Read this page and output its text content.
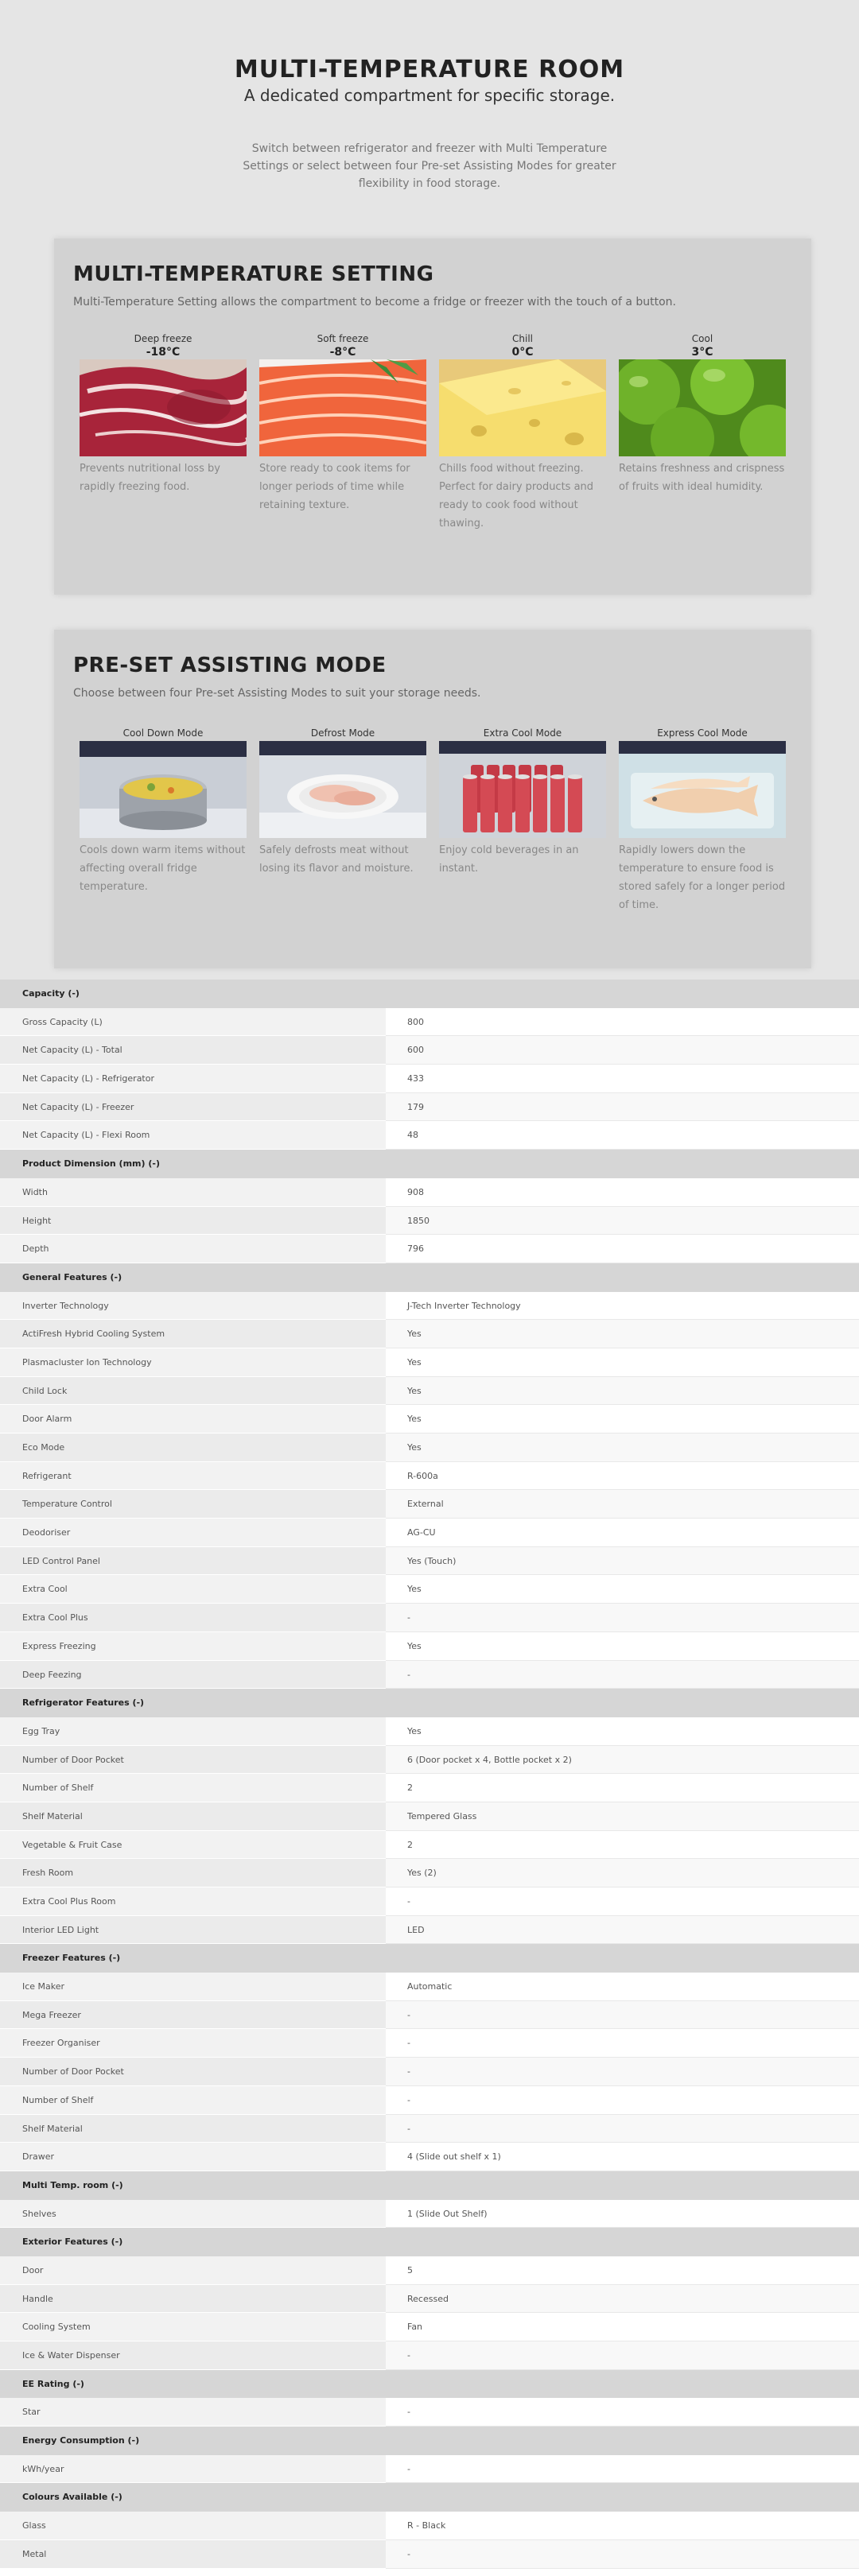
MULTI-TEMPERATURE ROOM
A dedicated compartment for specific storage.
Switch between refrigerator and freezer with Multi Temperature Settings or select between four Pre-set Assisting Modes for greater flexibility in food storage.
MULTI-TEMPERATURE SETTING
Multi-Temperature Setting allows the compartment to become a fridge or freezer with the touch of a button.
Deep freeze
-18°C
Prevents nutritional loss by rapidly freezing food.
Soft freeze
-8°C
Store ready to cook items for longer periods of time while retaining texture.
Chill
0°C
Chills food without freezing. Perfect for dairy products and ready to cook food without thawing.
Cool
3°C
Retains freshness and crispness of fruits with ideal humidity.
PRE-SET ASSISTING MODE
Choose between four Pre-set Assisting Modes to suit your storage needs.
Cool Down Mode
Cools down warm items without affecting overall fridge temperature.
Defrost Mode
Safely defrosts meat without losing its flavor and moisture.
Extra Cool Mode
Enjoy cold beverages in an instant.
Express Cool Mode
Rapidly lowers down the temperature to ensure food is stored safely for a longer period of time.
Capacity (-)
Gross Capacity (L)	800
Net Capacity (L) - Total	600
Net Capacity (L) - Refrigerator	433
Net Capacity (L) - Freezer	179
Net Capacity (L) - Flexi Room	48
Product Dimension (mm) (-)
Width	908
Height	1850
Depth	796
General Features (-)
Inverter Technology	J-Tech Inverter Technology
ActiFresh Hybrid Cooling System	Yes
Plasmacluster Ion Technology	Yes
Child Lock	Yes
Door Alarm	Yes
Eco Mode	Yes
Refrigerant	R-600a
Temperature Control	External
Deodoriser	AG-CU
LED Control Panel	Yes (Touch)
Extra Cool	Yes
Extra Cool Plus	-
Express Freezing	Yes
Deep Feezing	-
Refrigerator Features (-)
Egg Tray	Yes
Number of Door Pocket	6 (Door pocket x 4, Bottle pocket x 2)
Number of Shelf	2
Shelf Material	Tempered Glass
Vegetable & Fruit Case	2
Fresh Room	Yes (2)
Extra Cool Plus Room	-
Interior LED Light	LED
Freezer Features (-)
Ice Maker	Automatic
Mega Freezer	-
Freezer Organiser	-
Number of Door Pocket	-
Number of Shelf	-
Shelf Material	-
Drawer	4 (Slide out shelf x 1)
Multi Temp. room (-)
Shelves	1 (Slide Out Shelf)
Exterior Features (-)
Door	5
Handle	Recessed
Cooling System	Fan
Ice & Water Dispenser	-
EE Rating (-)
Star	-
Energy Consumption (-)
kWh/year	-
Colours Available (-)
Glass	R - Black
Metal	-
